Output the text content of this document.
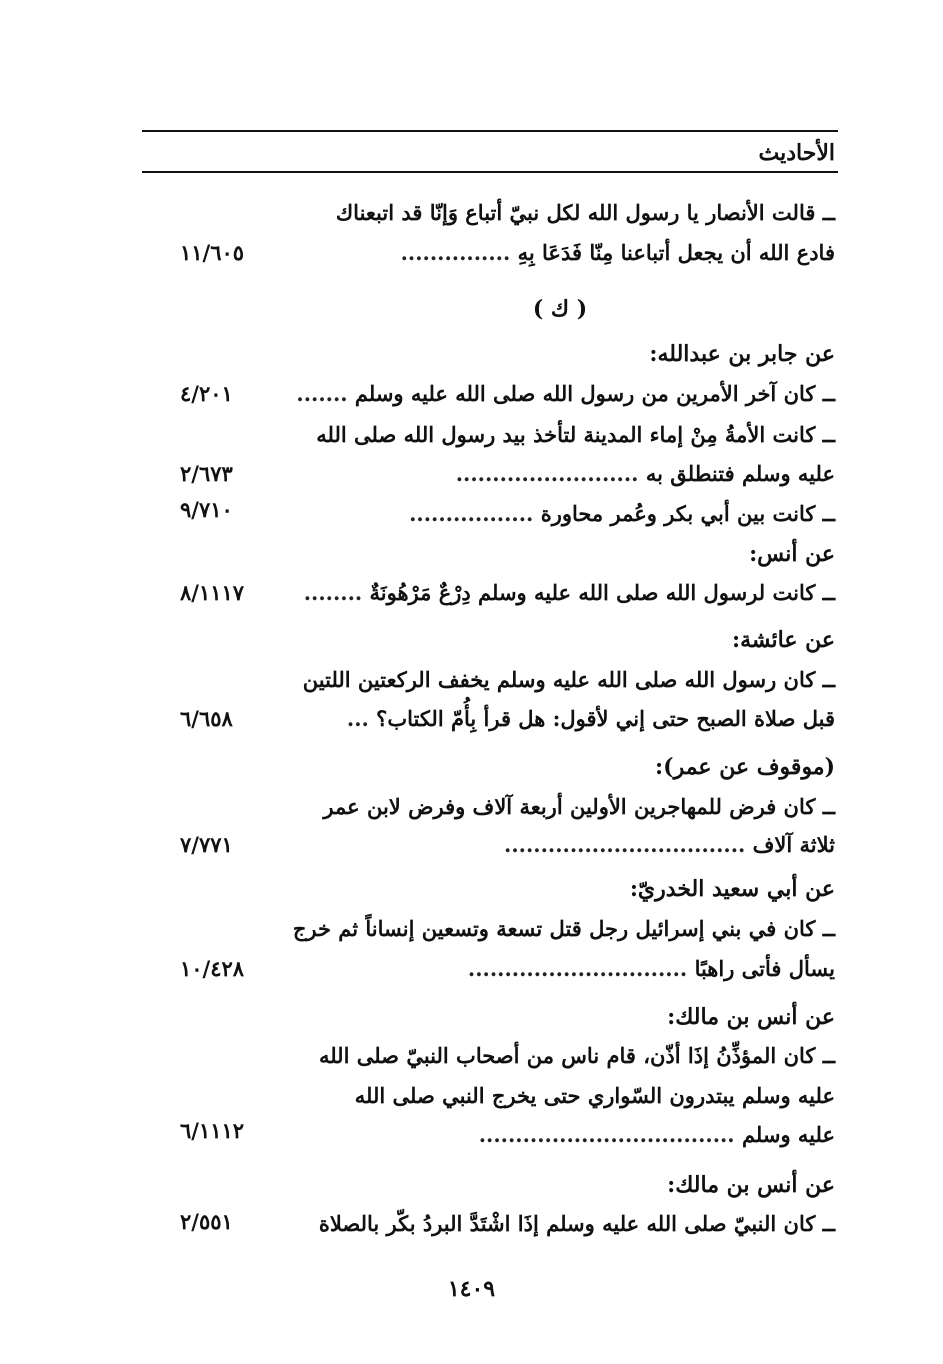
الأحاديث
ــ قالت الأنصار يا رسول الله لكل نبيّ أتباع وَإنّا قد اتبعناك
فادع الله أن يجعل أتباعنا مِنّا فَدَعَا بِهِ ...............
١١/٦٠٥
( ك )
عن جابر بن عبدالله:
ــ كان آخر الأمرين من رسول الله صلى الله عليه وسلم .......
٤/٢٠١
ــ كانت الأمةُ مِنْ إماء المدينة لتأخذ بيد رسول الله صلى الله
عليه وسلم فتنطلق به .........................
٢/٦٧٣
ــ كانت بين أبي بكر وعُمر محاورة .................
٩/٧١٠
عن أنس:
ــ كانت لرسول الله صلى الله عليه وسلم دِرْعٌ مَرْهُونَةٌ ........
٨/١١١٧
عن عائشة:
ــ كان رسول الله صلى الله عليه وسلم يخفف الركعتين اللتين
قبل صلاة الصبح حتى إني لأقول: هل قرأ بِأُمّ الكتاب؟ ...
٦/٦٥٨
(موقوف عن عمر):
ــ كان فرض للمهاجرين الأولين أربعة آلاف وفرض لابن عمر
ثلاثة آلاف .................................
٧/٧٧١
عن أبي سعيد الخدريّ:
ــ كان في بني إسرائيل رجل قتل تسعة وتسعين إنساناً ثم خرج
يسأل فأتى راهبًا ..............................
١٠/٤٢٨
عن أنس بن مالك:
ــ كان المؤذِّنُ إذَا أذّن، قام ناس من أصحاب النبيّ صلى الله
عليه وسلم يبتدرون السّواري حتى يخرج النبي صلى الله
عليه وسلم ...................................
٦/١١١٢
عن أنس بن مالك:
ــ كان النبيّ صلى الله عليه وسلم إذَا اشْتَدَّ البردُ بكّر بالصلاة
٢/٥٥١
١٤٠٩
